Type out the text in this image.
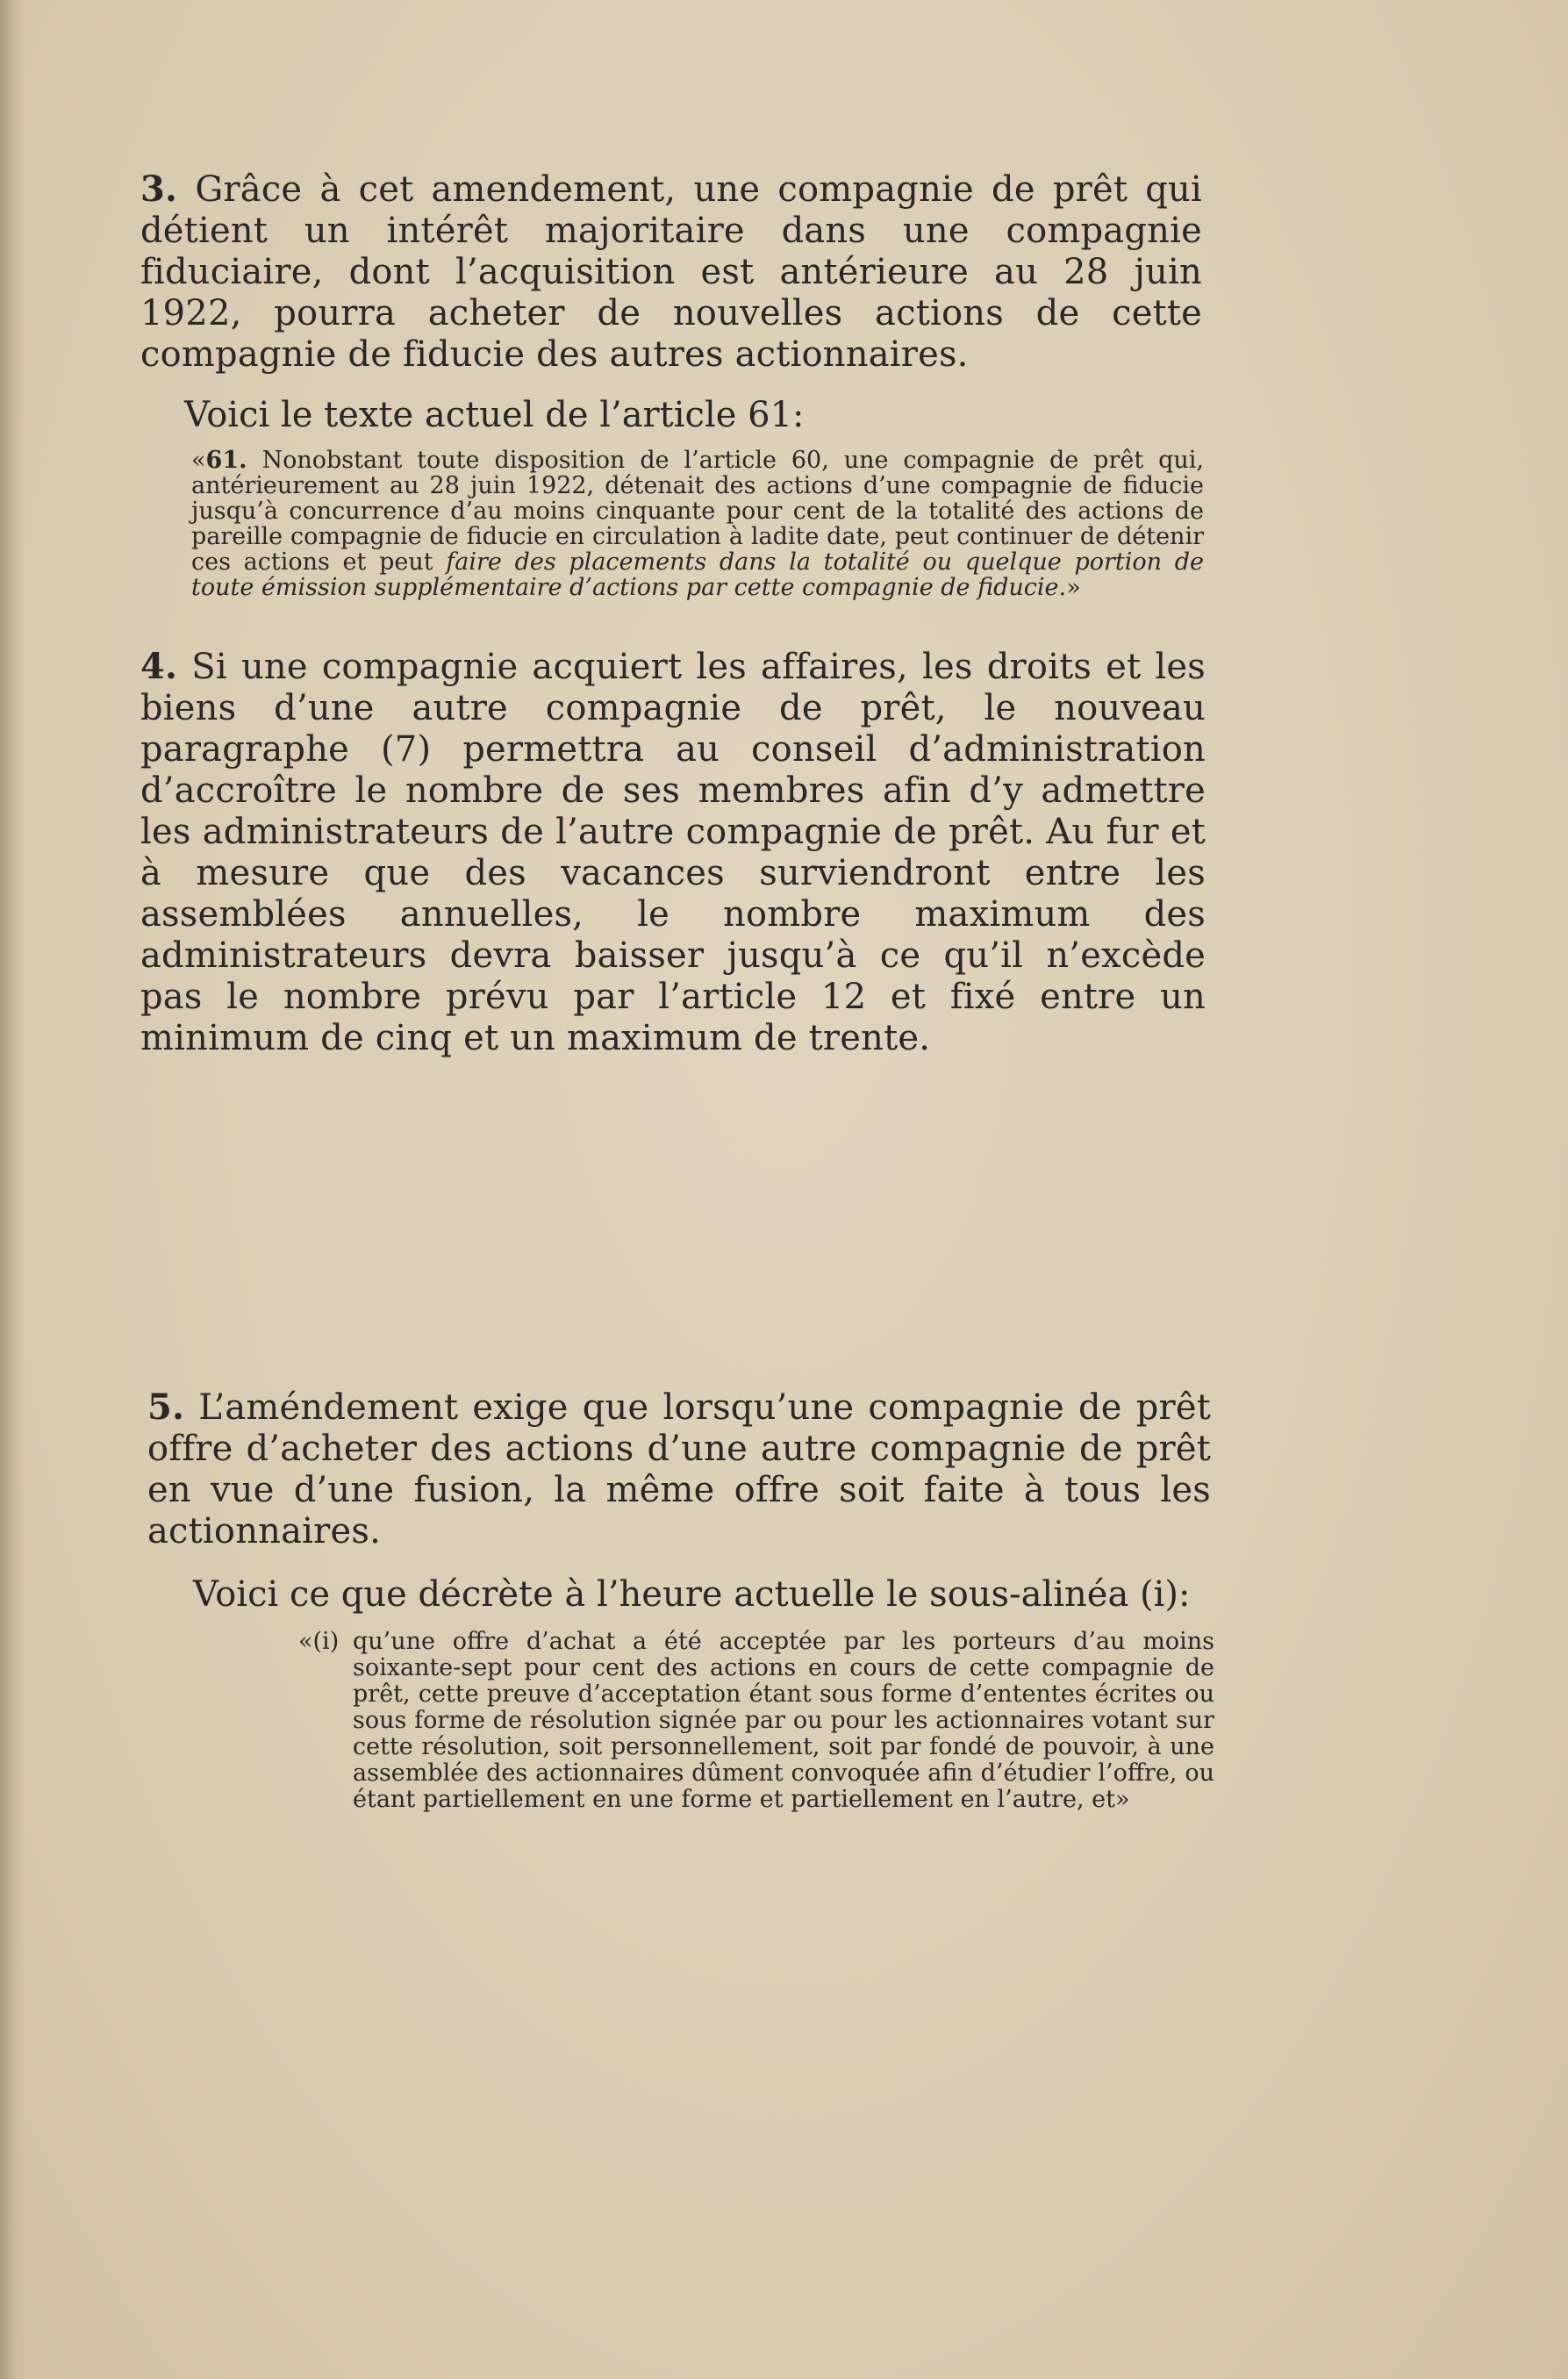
3. Grâce à cet amendement, une compagnie de prêt qui détient un intérêt majoritaire dans une compagnie fiduciaire, dont l’acquisition est antérieure au 28 juin 1922, pourra acheter de nouvelles actions de cette compagnie de fiducie des autres actionnaires.

Voici le texte actuel de l’article 61:

«61. Nonobstant toute disposition de l’article 60, une compagnie de prêt qui, antérieurement au 28 juin 1922, détenait des actions d’une compagnie de fiducie jusqu’à concurrence d’au moins cinquante pour cent de la totalité des actions de pareille compagnie de fiducie en circulation à ladite date, peut continuer de détenir ces actions et peut faire des placements dans la totalité ou quelque portion de toute émission supplémentaire d’actions par cette compagnie de fiducie.»

4. Si une compagnie acquiert les affaires, les droits et les biens d’une autre compagnie de prêt, le nouveau paragraphe (7) permettra au conseil d’administration d’accroître le nombre de ses membres afin d’y admettre les administrateurs de l’autre compagnie de prêt. Au fur et à mesure que des vacances surviendront entre les assemblées annuelles, le nombre maximum des administrateurs devra baisser jusqu’à ce qu’il n’excède pas le nombre prévu par l’article 12 et fixé entre un minimum de cinq et un maximum de trente.

5. L’améndement exige que lorsqu’une compagnie de prêt offre d’acheter des actions d’une autre compagnie de prêt en vue d’une fusion, la même offre soit faite à tous les actionnaires.

Voici ce que décrète à l’heure actuelle le sous-alinéa (i):

«(i) qu’une offre d’achat a été acceptée par les porteurs d’au moins soixante-sept pour cent des actions en cours de cette compagnie de prêt, cette preuve d’acceptation étant sous forme d’ententes écrites ou sous forme de résolution signée par ou pour les actionnaires votant sur cette résolution, soit personnellement, soit par fondé de pouvoir, à une assemblée des actionnaires dûment convoquée afin d’étudier l’offre, ou étant partiellement en une forme et partiellement en l’autre, et»
